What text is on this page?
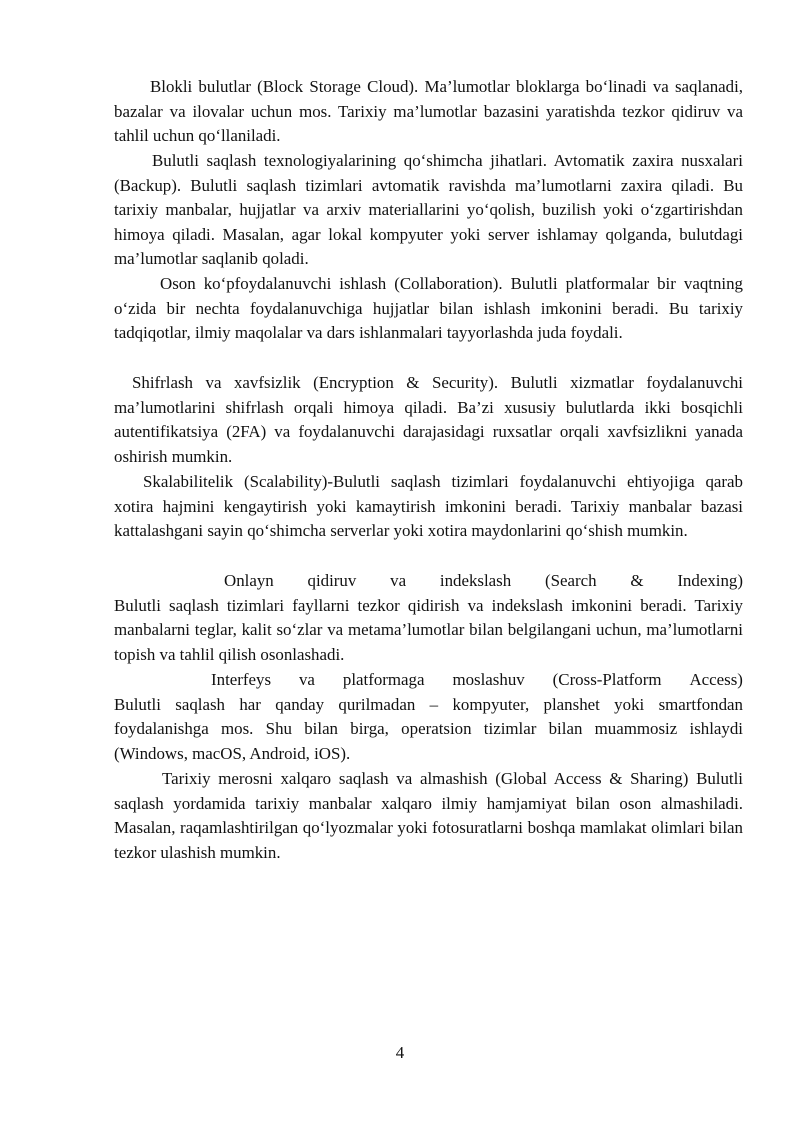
Blokli bulutlar (Block Storage Cloud). Ma’lumotlar bloklarga bo‘linadi va saqlanadi, bazalar va ilovalar uchun mos. Tarixiy ma’lumotlar bazasini yaratishda tezkor qidiruv va tahlil uchun qo‘llaniladi.

Bulutli saqlash texnologiyalarining qo‘shimcha jihatlari. Avtomatik zaxira nusxalari (Backup). Bulutli saqlash tizimlari avtomatik ravishda ma’lumotlarni zaxira qiladi. Bu tarixiy manbalar, hujjatlar va arxiv materiallarini yo‘qolish, buzilish yoki o‘zgartirishdan himoya qiladi. Masalan, agar lokal kompyuter yoki server ishlamay qolganda, bulutdagi ma’lumotlar saqlanib qoladi.

Oson ko‘pfoydalanuvchi ishlash (Collaboration). Bulutli platformalar bir vaqtning o‘zida bir nechta foydalanuvchiga hujjatlar bilan ishlash imkonini beradi. Bu tarixiy tadqiqotlar, ilmiy maqolalar va dars ishlanmalari tayyorlashda juda foydali.

Shifrlash va xavfsizlik (Encryption & Security). Bulutli xizmatlar foydalanuvchi ma’lumotlarini shifrlash orqali himoya qiladi. Ba’zi xususiy bulutlarda ikki bosqichli autentifikatsiya (2FA) va foydalanuvchi darajasidagi ruxsatlar orqali xavfsizlikni yanada oshirish mumkin.

Skalabilitelik (Scalability)-Bulutli saqlash tizimlari foydalanuvchi ehtiyojiga qarab xotira hajmini kengaytirish yoki kamaytirish imkonini beradi. Tarixiy manbalar bazasi kattalashgani sayin qo‘shimcha serverlar yoki xotira maydonlarini qo‘shish mumkin.

Onlayn qidiruv va indekslash (Search & Indexing)
Bulutli saqlash tizimlari fayllarni tezkor qidirish va indekslash imkonini beradi. Tarixiy manbalarni teglar, kalit so‘zlar va metama’lumotlar bilan belgilangani uchun, ma’lumotlarni topish va tahlil qilish osonlashadi.
Interfeys va platformaga moslashuv (Cross-Platform Access)
Bulutli saqlash har qanday qurilmadan – kompyuter, planshet yoki smartfondan foydalanishga mos. Shu bilan birga, operatsion tizimlar bilan muammosiz ishlaydi (Windows, macOS, Android, iOS).

Tarixiy merosni xalqaro saqlash va almashish (Global Access & Sharing) Bulutli saqlash yordamida tarixiy manbalar xalqaro ilmiy hamjamiyat bilan oson almashiladi. Masalan, raqamlashtirilgan qo‘lyozmalar yoki fotosuratlarni boshqa mamlakat olimlari bilan tezkor ulashish mumkin.

4
